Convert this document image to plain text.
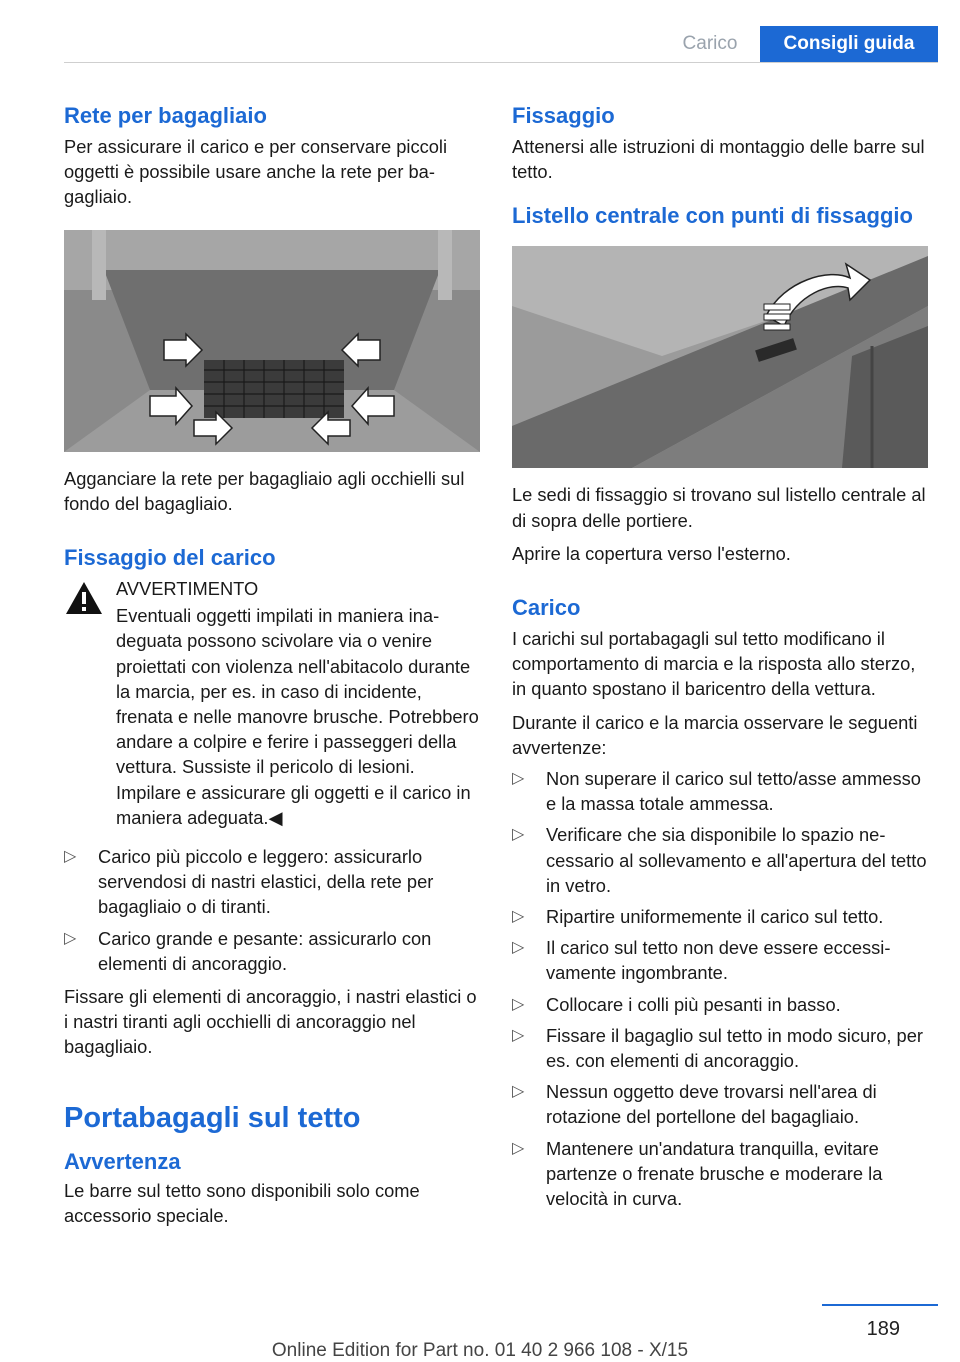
Carico	Consigli guida
Rete per bagagliaio

Per assicurare il carico e per conservare piccoli oggetti è possibile usare anche la rete per bagagliaio.

Agganciare la rete per bagagliaio agli occhielli sul fondo del bagagliaio.

Fissaggio del carico

AVVERTIMENTO

Eventuali oggetti impilati in maniera inadeguata possono scivolare via o venire proiettati con violenza nell'abitacolo durante la marcia, per es. in caso di incidente, frenata e nelle manovre brusche. Potrebbero andare a colpire e ferire i passeggeri della vettura. Sussiste il pericolo di lesioni. Impilare e assicurare gli oggetti e il carico in maniera adeguata.◀

▷ Carico più piccolo e leggero: assicurarlo servendosi di nastri elastici, della rete per bagagliaio o di tiranti.
▷ Carico grande e pesante: assicurarlo con elementi di ancoraggio.

Fissare gli elementi di ancoraggio, i nastri elastici o i nastri tiranti agli occhielli di ancoraggio nel bagagliaio.

Portabagagli sul tetto
Avvertenza

Le barre sul tetto sono disponibili solo come accessorio speciale.

Fissaggio

Attenersi alle istruzioni di montaggio delle barre sul tetto.

Listello centrale con punti di fissaggio

Le sedi di fissaggio si trovano sul listello centrale al di sopra delle portiere.

Aprire la copertura verso l'esterno.

Carico

I carichi sul portabagagli sul tetto modificano il comportamento di marcia e la risposta allo sterzo, in quanto spostano il baricentro della vettura.

Durante il carico e la marcia osservare le seguenti avvertenze:

▷ Non superare il carico sul tetto/asse ammesso e la massa totale ammessa.
▷ Verificare che sia disponibile lo spazio necessario al sollevamento e all'apertura del tetto in vetro.
▷ Ripartire uniformemente il carico sul tetto.
▷ Il carico sul tetto non deve essere eccessivamente ingombrante.
▷ Collocare i colli più pesanti in basso.
▷ Fissare il bagaglio sul tetto in modo sicuro, per es. con elementi di ancoraggio.
▷ Nessun oggetto deve trovarsi nell'area di rotazione del portellone del bagagliaio.
▷ Mantenere un'andatura tranquilla, evitare partenze o frenate brusche e moderare la velocità in curva.
189
Online Edition for Part no. 01 40 2 966 108 - X/15
